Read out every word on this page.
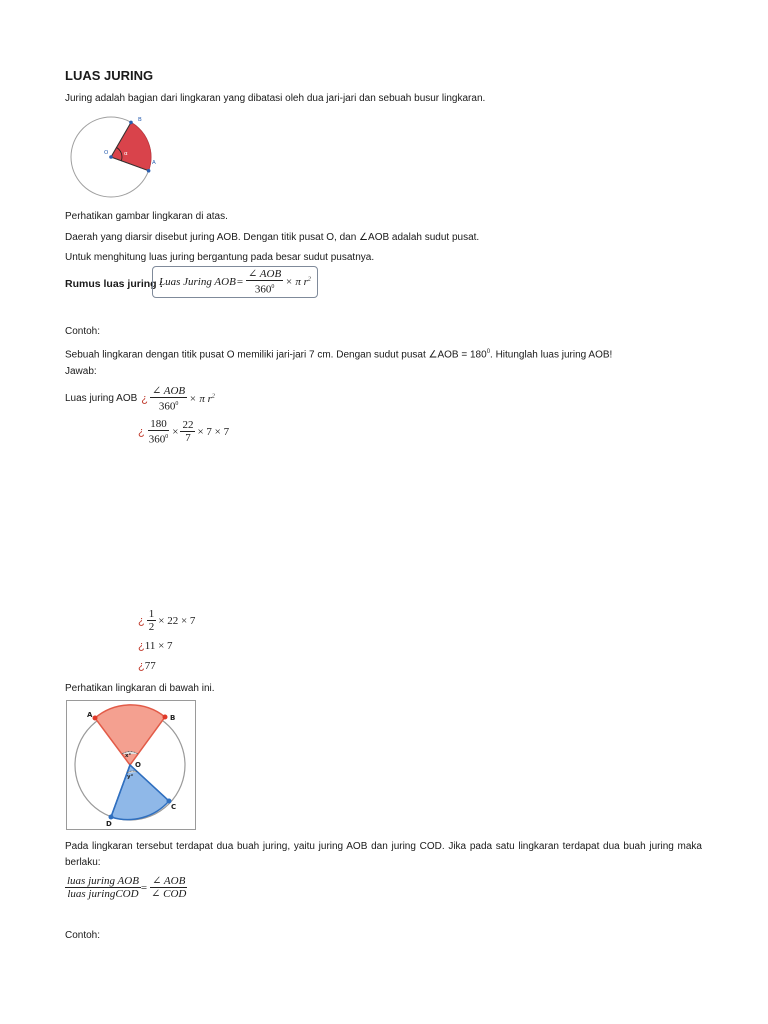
LUAS JURING
Juring adalah bagian dari lingkaran yang dibatasi oleh dua jari-jari dan sebuah busur lingkaran.
O
B
A
α
Perhatikan gambar lingkaran di atas.
Daerah yang diarsir disebut juring AOB. Dengan titik pusat O, dan ∠AOB adalah sudut pusat.
Untuk menghitung luas juring bergantung pada besar sudut pusatnya.
Rumus luas juring :
Luas Juring AOB = $\frac{\text{∠ AOB}}{360^0} \times \pi$ $r^2$
Contoh:
Sebuah lingkaran dengan titik pusat O memiliki jari-jari 7 cm. Dengan sudut pusat ∠AOB = $180^0$. Hitunglah luas juring AOB!
Jawab:
Luas juring AOB ¿ $\frac{\text{∠ AOB}}{360^0} \times \pi$ $r^2$
¿ $\frac{180}{360^0} \times \frac{22}{7} \times 7 \times 7$
¿ $\frac{1}{2} \times 22 \times 7$
¿ 11 × 7
¿ 77
Perhatikan lingkaran di bawah ini.
A	B
C
D
O
x°
y°
Pada lingkaran tersebut terdapat dua buah juring, yaitu juring AOB dan juring COD. Jika pada satu lingkaran terdapat dua buah juring maka
berlaku:
$\frac{\text{luas juring AOB}}{\text{luas juringCOD}} = \frac{\text{∠ AOB}}{\text{∠ COD}}$
Contoh:
